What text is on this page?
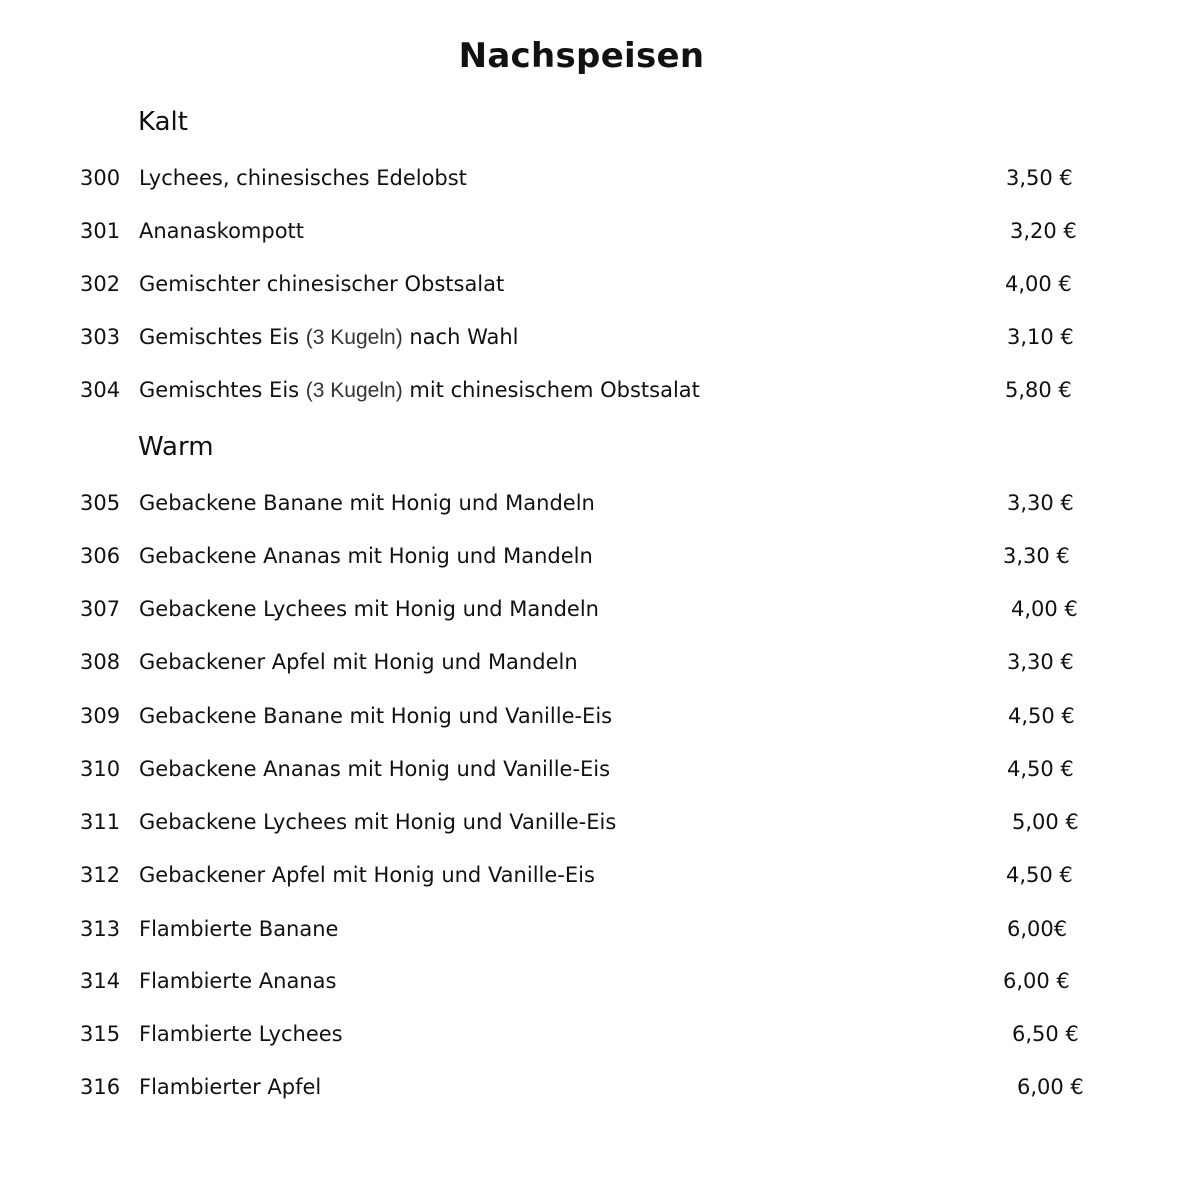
Nachspeisen
Kalt
300 Lychees, chinesisches Edelobst	3,50 €
301 Ananaskompott	3,20 €
302 Gemischter chinesischer Obstsalat	4,00 €
303 Gemischtes Eis (3 Kugeln) nach Wahl	3,10 €
304 Gemischtes Eis (3 Kugeln) mit chinesischem Obstsalat	5,80 €
Warm
305 Gebackene Banane mit Honig und Mandeln	3,30 €
306 Gebackene Ananas mit Honig und Mandeln	3,30 €
307 Gebackene Lychees mit Honig und Mandeln	4,00 €
308 Gebackener Apfel mit Honig und Mandeln	3,30 €
309 Gebackene Banane mit Honig und Vanille-Eis	4,50 €
310 Gebackene Ananas mit Honig und Vanille-Eis	4,50 €
311 Gebackene Lychees mit Honig und Vanille-Eis	5,00 €
312 Gebackener Apfel mit Honig und Vanille-Eis	4,50 €
313 Flambierte Banane	6,00€
314 Flambierte Ananas	6,00 €
315 Flambierte Lychees	6,50 €
316 Flambierter Apfel	6,00 €
